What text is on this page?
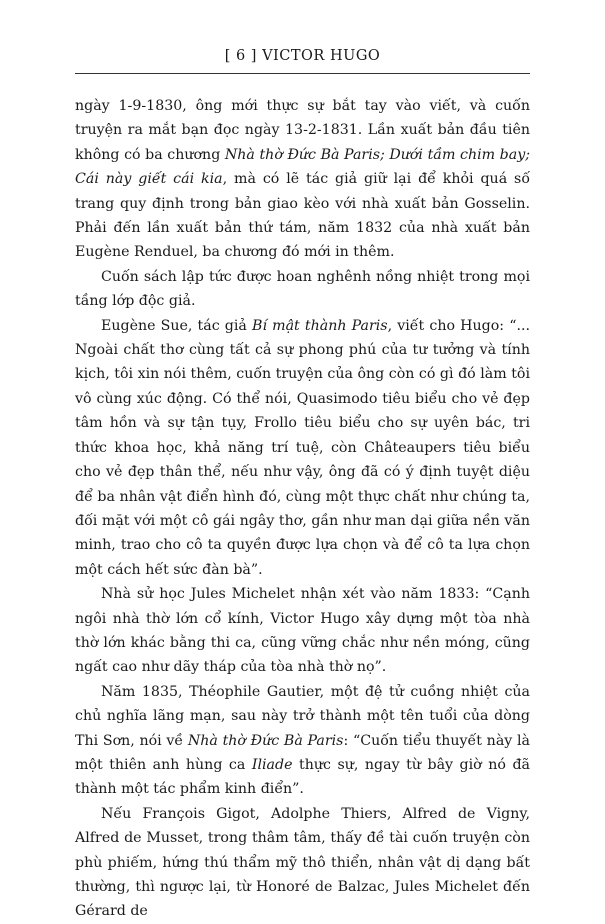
[ 6 ] VICTOR HUGO

ngày 1-9-1830, ông mới thực sự bắt tay vào viết, và cuốn truyện ra mắt bạn đọc ngày 13-2-1831. Lần xuất bản đầu tiên không có ba chương Nhà thờ Đức Bà Paris; Dưới tầm chim bay; Cái này giết cái kia, mà có lẽ tác giả giữ lại để khỏi quá số trang quy định trong bản giao kèo với nhà xuất bản Gosselin. Phải đến lần xuất bản thứ tám, năm 1832 của nhà xuất bản Eugène Renduel, ba chương đó mới in thêm.

Cuốn sách lập tức được hoan nghênh nồng nhiệt trong mọi tầng lớp độc giả.

Eugène Sue, tác giả Bí mật thành Paris, viết cho Hugo: “... Ngoài chất thơ cùng tất cả sự phong phú của tư tưởng và tính kịch, tôi xin nói thêm, cuốn truyện của ông còn có gì đó làm tôi vô cùng xúc động. Có thể nói, Quasimodo tiêu biểu cho vẻ đẹp tâm hồn và sự tận tụy, Frollo tiêu biểu cho sự uyên bác, tri thức khoa học, khả năng trí tuệ, còn Châteaupers tiêu biểu cho vẻ đẹp thân thể, nếu như vậy, ông đã có ý định tuyệt diệu để ba nhân vật điển hình đó, cùng một thực chất như chúng ta, đối mặt với một cô gái ngây thơ, gần như man dại giữa nền văn minh, trao cho cô ta quyền được lựa chọn và để cô ta lựa chọn một cách hết sức đàn bà”.

Nhà sử học Jules Michelet nhận xét vào năm 1833: “Cạnh ngôi nhà thờ lớn cổ kính, Victor Hugo xây dựng một tòa nhà thờ lớn khác bằng thi ca, cũng vững chắc như nền móng, cũng ngất cao như dãy tháp của tòa nhà thờ nọ”.

Năm 1835, Théophile Gautier, một đệ tử cuồng nhiệt của chủ nghĩa lãng mạn, sau này trở thành một tên tuổi của dòng Thi Sơn, nói về Nhà thờ Đức Bà Paris: “Cuốn tiểu thuyết này là một thiên anh hùng ca Iliade thực sự, ngay từ bây giờ nó đã thành một tác phẩm kinh điển”.

Nếu François Gigot, Adolphe Thiers, Alfred de Vigny, Alfred de Musset, trong thâm tâm, thấy đề tài cuốn truyện còn phù phiếm, hứng thú thẩm mỹ thô thiển, nhân vật dị dạng bất thường, thì ngược lại, từ Honoré de Balzac, Jules Michelet đến Gérard de
